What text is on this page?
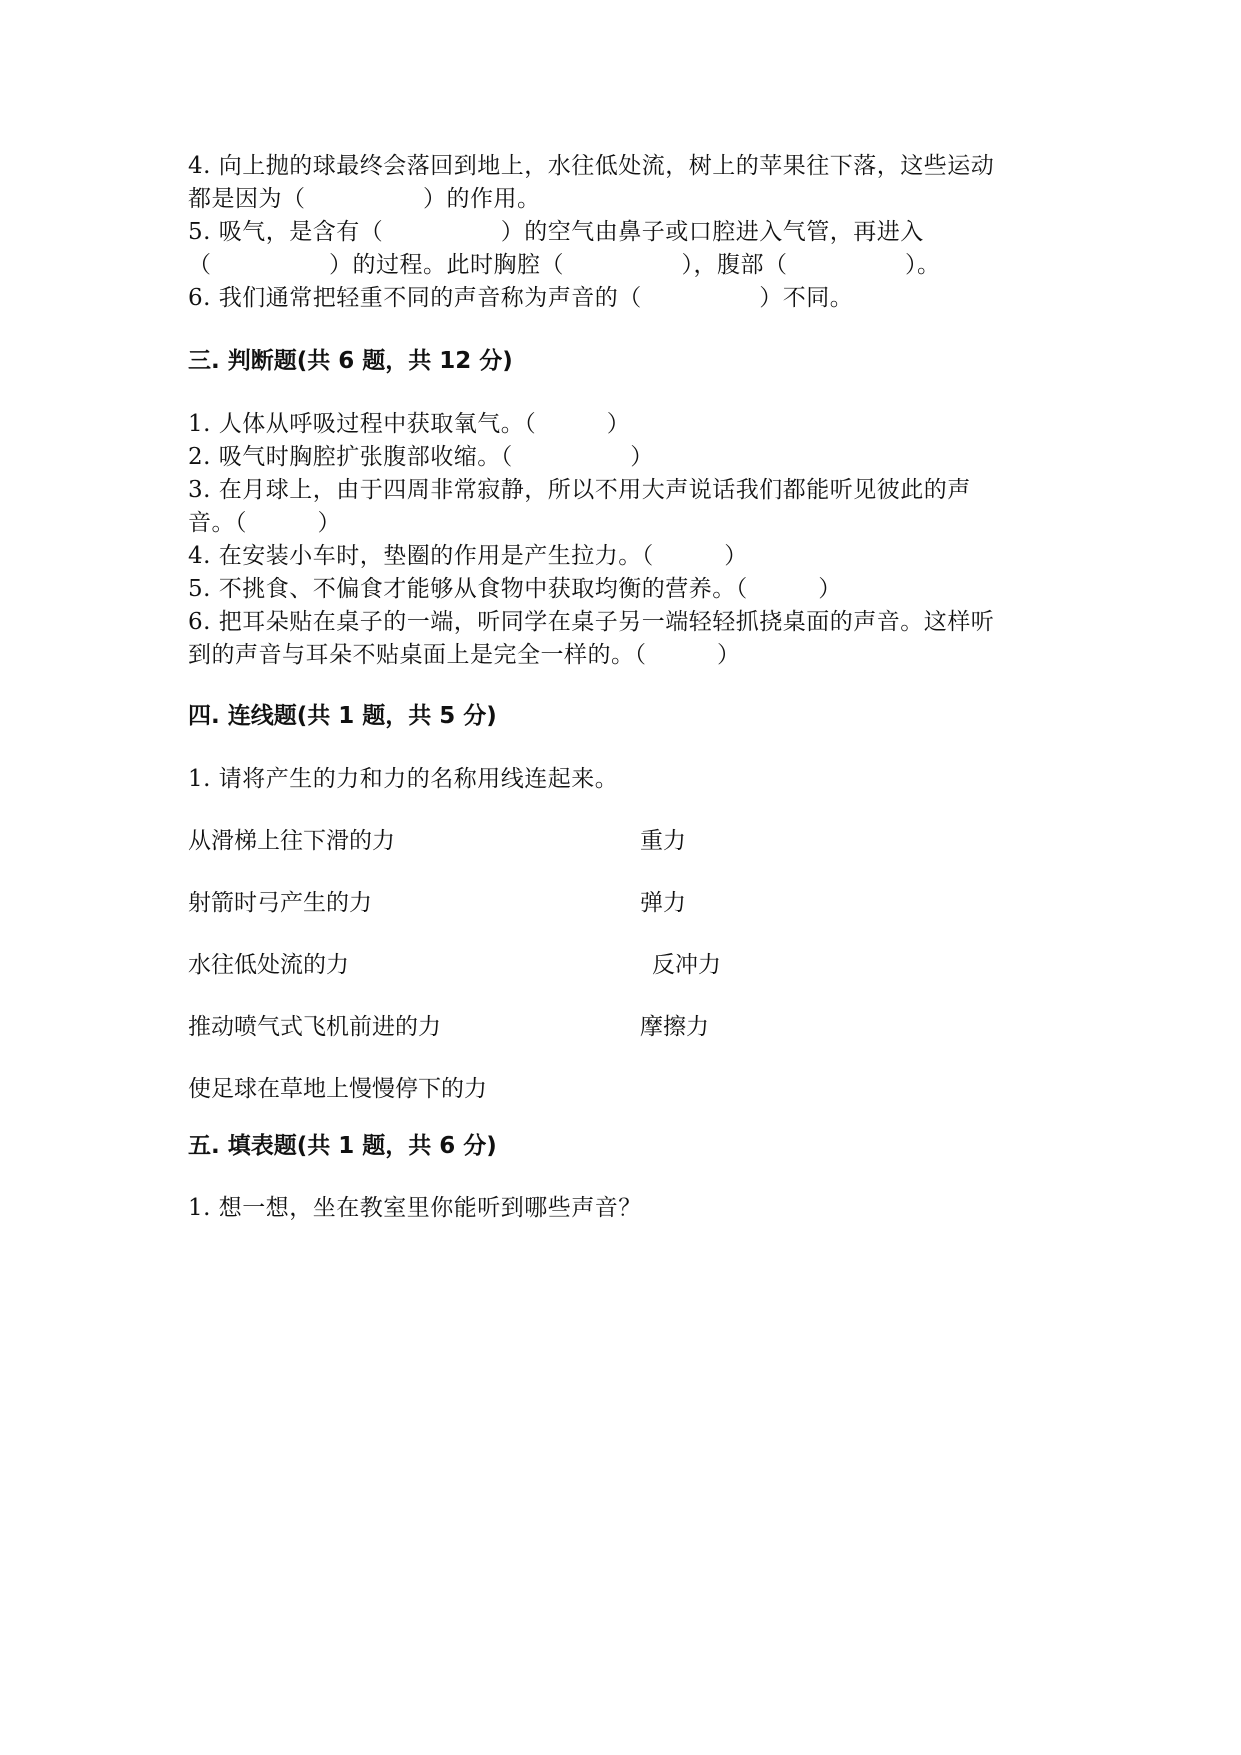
4. 向上抛的球最终会落回到地上，水往低处流，树上的苹果往下落，这些运动
都是因为（　　　　　）的作用。
5. 吸气，是含有（　　　　　）的空气由鼻子或口腔进入气管，再进入
（　　　　　）的过程。此时胸腔（　　　　　），腹部（　　　　　）。
6. 我们通常把轻重不同的声音称为声音的（　　　　　）不同。
三. 判断题(共 6 题，共 12 分)
1. 人体从呼吸过程中获取氧气。（　　　）
2. 吸气时胸腔扩张腹部收缩。（　　　　　）
3. 在月球上，由于四周非常寂静，所以不用大声说话我们都能听见彼此的声
音。（　　　）
4. 在安装小车时，垫圈的作用是产生拉力。（　　　）
5. 不挑食、不偏食才能够从食物中获取均衡的营养。（　　　）
6. 把耳朵贴在桌子的一端，听同学在桌子另一端轻轻抓挠桌面的声音。这样听
到的声音与耳朵不贴桌面上是完全一样的。（　　　）
四. 连线题(共 1 题，共 5 分)
1. 请将产生的力和力的名称用线连起来。
从滑梯上往下滑的力
射箭时弓产生的力
水往低处流的力
推动喷气式飞机前进的力
使足球在草地上慢慢停下的力
重力
弹力
反冲力
摩擦力
五. 填表题(共 1 题，共 6 分)
1. 想一想，坐在教室里你能听到哪些声音？
